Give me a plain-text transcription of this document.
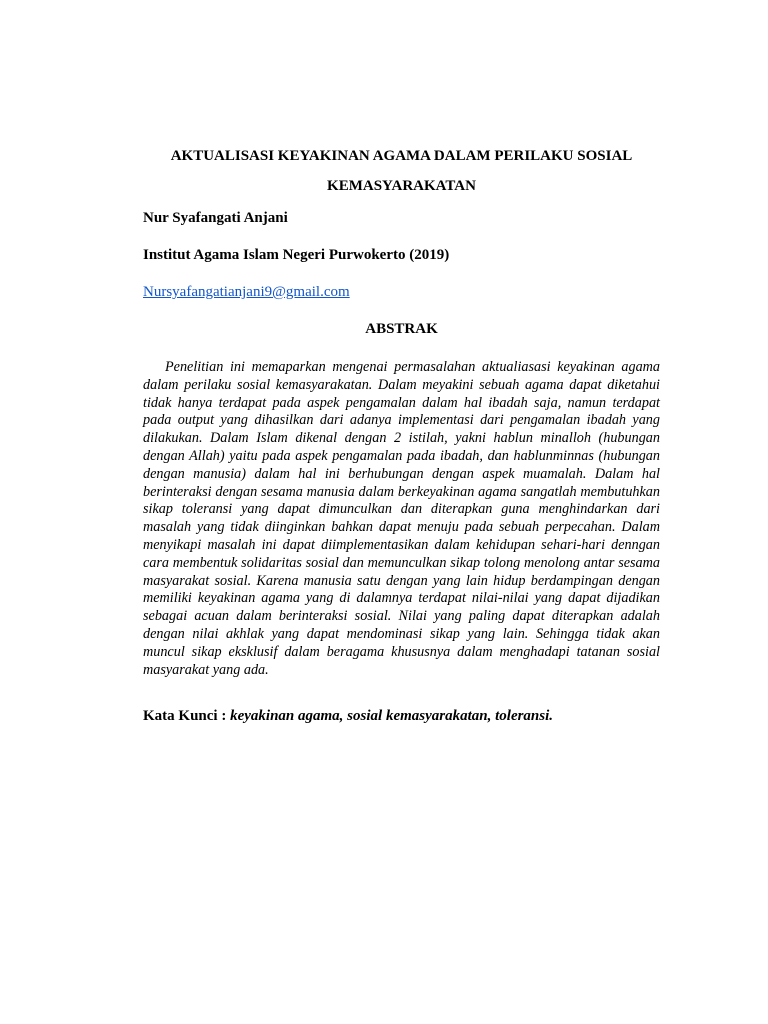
AKTUALISASI KEYAKINAN AGAMA DALAM PERILAKU SOSIAL KEMASYARAKATAN

Nur Syafangati Anjani

Institut Agama Islam Negeri Purwokerto (2019)

Nursyafangatianjani9@gmail.com
ABSTRAK

Penelitian ini memaparkan mengenai permasalahan aktualiasasi keyakinan agama dalam perilaku sosial kemasyarakatan. Dalam meyakini sebuah agama dapat diketahui tidak hanya terdapat pada aspek pengamalan dalam hal ibadah saja, namun terdapat pada output yang dihasilkan dari adanya implementasi dari pengamalan ibadah yang dilakukan. Dalam Islam dikenal dengan 2 istilah, yakni hablun minalloh (hubungan dengan Allah) yaitu pada aspek pengamalan pada ibadah, dan hablunminnas (hubungan dengan manusia) dalam hal ini berhubungan dengan aspek muamalah. Dalam hal berinteraksi dengan sesama manusia dalam berkeyakinan agama sangatlah membutuhkan sikap toleransi yang dapat dimunculkan dan diterapkan guna menghindarkan dari masalah yang tidak diinginkan bahkan dapat menuju pada sebuah perpecahan. Dalam menyikapi masalah ini dapat diimplementasikan dalam kehidupan sehari-hari denngan cara membentuk solidaritas sosial dan memunculkan sikap tolong menolong antar sesama masyarakat sosial. Karena manusia satu dengan yang lain hidup berdampingan dengan memiliki keyakinan agama yang di dalamnya terdapat nilai-nilai yang dapat dijadikan sebagai acuan dalam berinteraksi sosial. Nilai yang paling dapat diterapkan adalah dengan nilai akhlak yang dapat mendominasi sikap yang lain. Sehingga tidak akan muncul sikap eksklusif dalam beragama khususnya dalam menghadapi tatanan sosial masyarakat yang ada.

Kata Kunci : keyakinan agama, sosial kemasyarakatan, toleransi.
